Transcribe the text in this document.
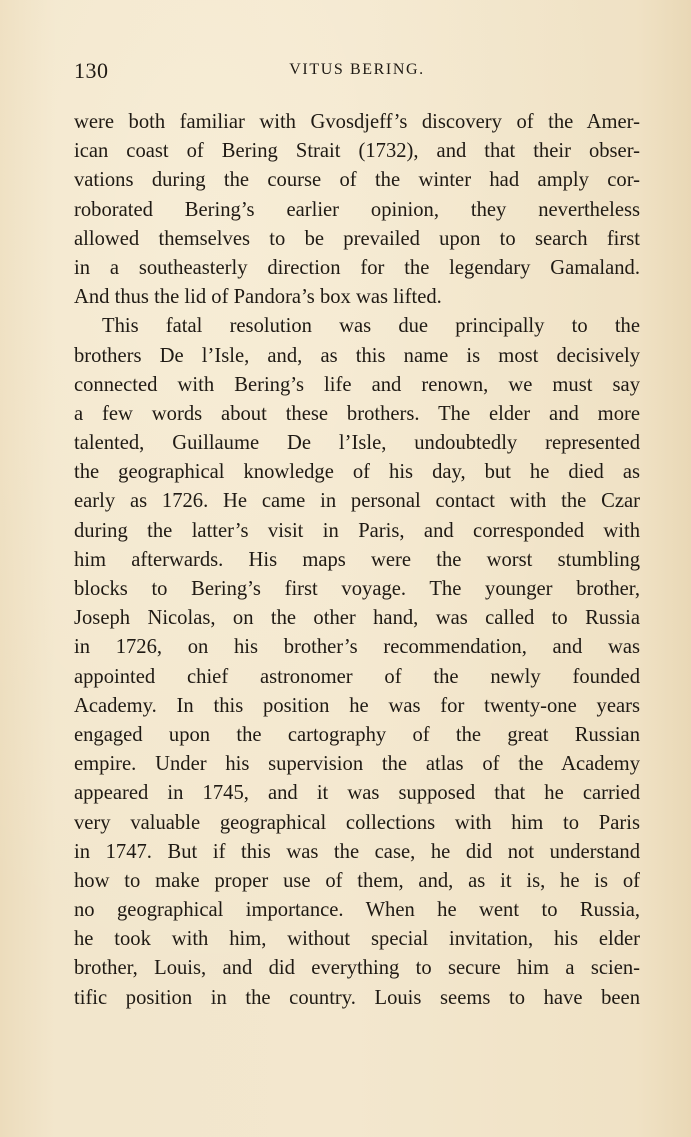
130	VITUS BERING.
were both familiar with Gvosdjeff’s discovery of the Amer-
ican coast of Bering Strait (1732), and that their obser-
vations during the course of the winter had amply cor-
roborated Bering’s earlier opinion, they nevertheless
allowed themselves to be prevailed upon to search first
in a southeasterly direction for the legendary Gamaland.
And thus the lid of Pandora’s box was lifted.
This fatal resolution was due principally to the
brothers De l’Isle, and, as this name is most decisively
connected with Bering’s life and renown, we must say
a few words about these brothers. The elder and more
talented, Guillaume De l’Isle, undoubtedly represented
the geographical knowledge of his day, but he died as
early as 1726. He came in personal contact with the Czar
during the latter’s visit in Paris, and corresponded with
him afterwards. His maps were the worst stumbling
blocks to Bering’s first voyage. The younger brother,
Joseph Nicolas, on the other hand, was called to Russia
in 1726, on his brother’s recommendation, and was
appointed chief astronomer of the newly founded
Academy. In this position he was for twenty-one years
engaged upon the cartography of the great Russian
empire. Under his supervision the atlas of the Academy
appeared in 1745, and it was supposed that he carried
very valuable geographical collections with him to Paris
in 1747. But if this was the case, he did not understand
how to make proper use of them, and, as it is, he is of
no geographical importance. When he went to Russia,
he took with him, without special invitation, his elder
brother, Louis, and did everything to secure him a scien-
tific position in the country. Louis seems to have been
